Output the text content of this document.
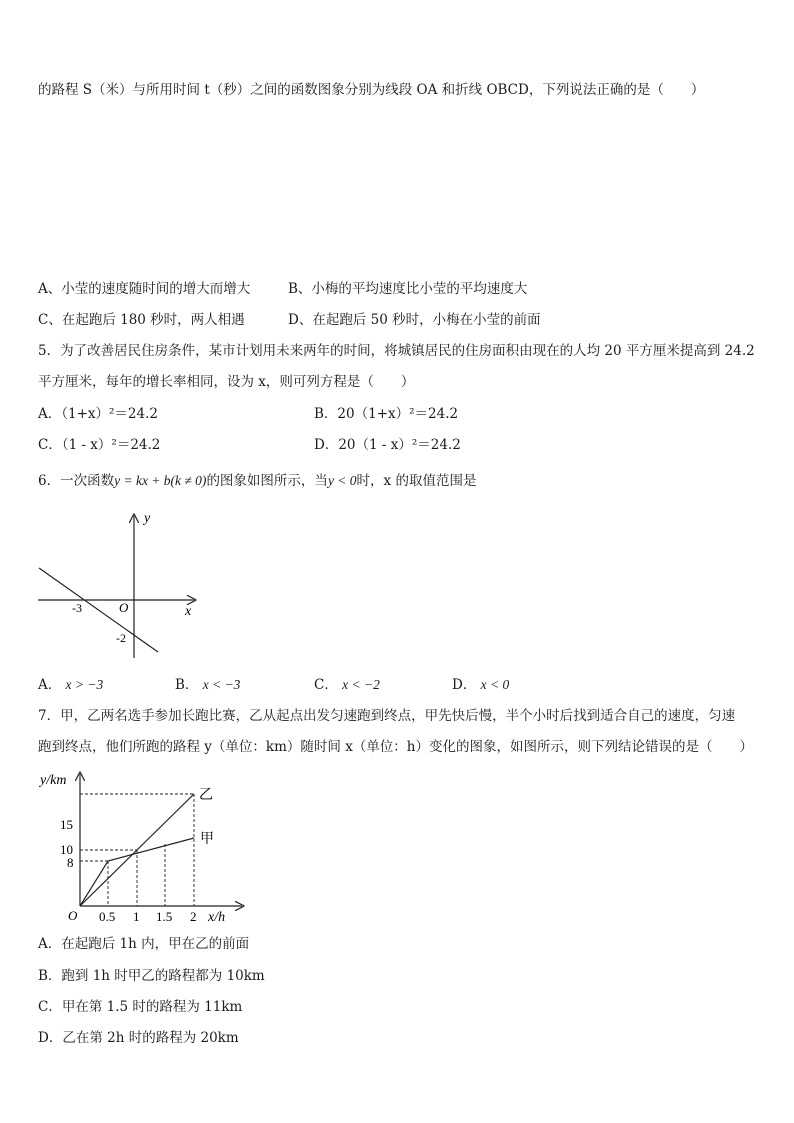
的路程 S（米）与所用时间 t（秒）之间的函数图象分别为线段 OA 和折线 OBCD，下列说法正确的是（　　）
A、小莹的速度随时间的增大而增大	B、小梅的平均速度比小莹的平均速度大
C、在起跑后 180 秒时，两人相遇	D、在起跑后 50 秒时，小梅在小莹的前面
5．为了改善居民住房条件，某市计划用未来两年的时间，将城镇居民的住房面积由现在的人均 20 平方厘米提高到 24.2
平方厘米，每年的增长率相同，设为 x，则可列方程是（　　）
A．（1+x）²＝24.2	B．20（1+x）²＝24.2
C．（1 - x）²＝24.2	D．20（1 - x）²＝24.2
6．一次函数y = kx + b(k ≠ 0)的图象如图所示，当y < 0时，x 的取值范围是
y
x
O
-3
-2
A． x > −3	B． x < −3	C． x < −2	D． x < 0
7．甲，乙两名选手参加长跑比赛，乙从起点出发匀速跑到终点，甲先快后慢，半个小时后找到适合自己的速度，匀速
跑到终点，他们所跑的路程 y（单位：km）随时间 x（单位：h）变化的图象，如图所示，则下列结论错误的是（　　）
y/km
x/h
O
15
10
8
0.5 1 1.5 2
乙
甲
A．在起跑后 1h 内，甲在乙的前面
B．跑到 1h 时甲乙的路程都为 10km
C．甲在第 1.5 时的路程为 11km
D．乙在第 2h 时的路程为 20km
